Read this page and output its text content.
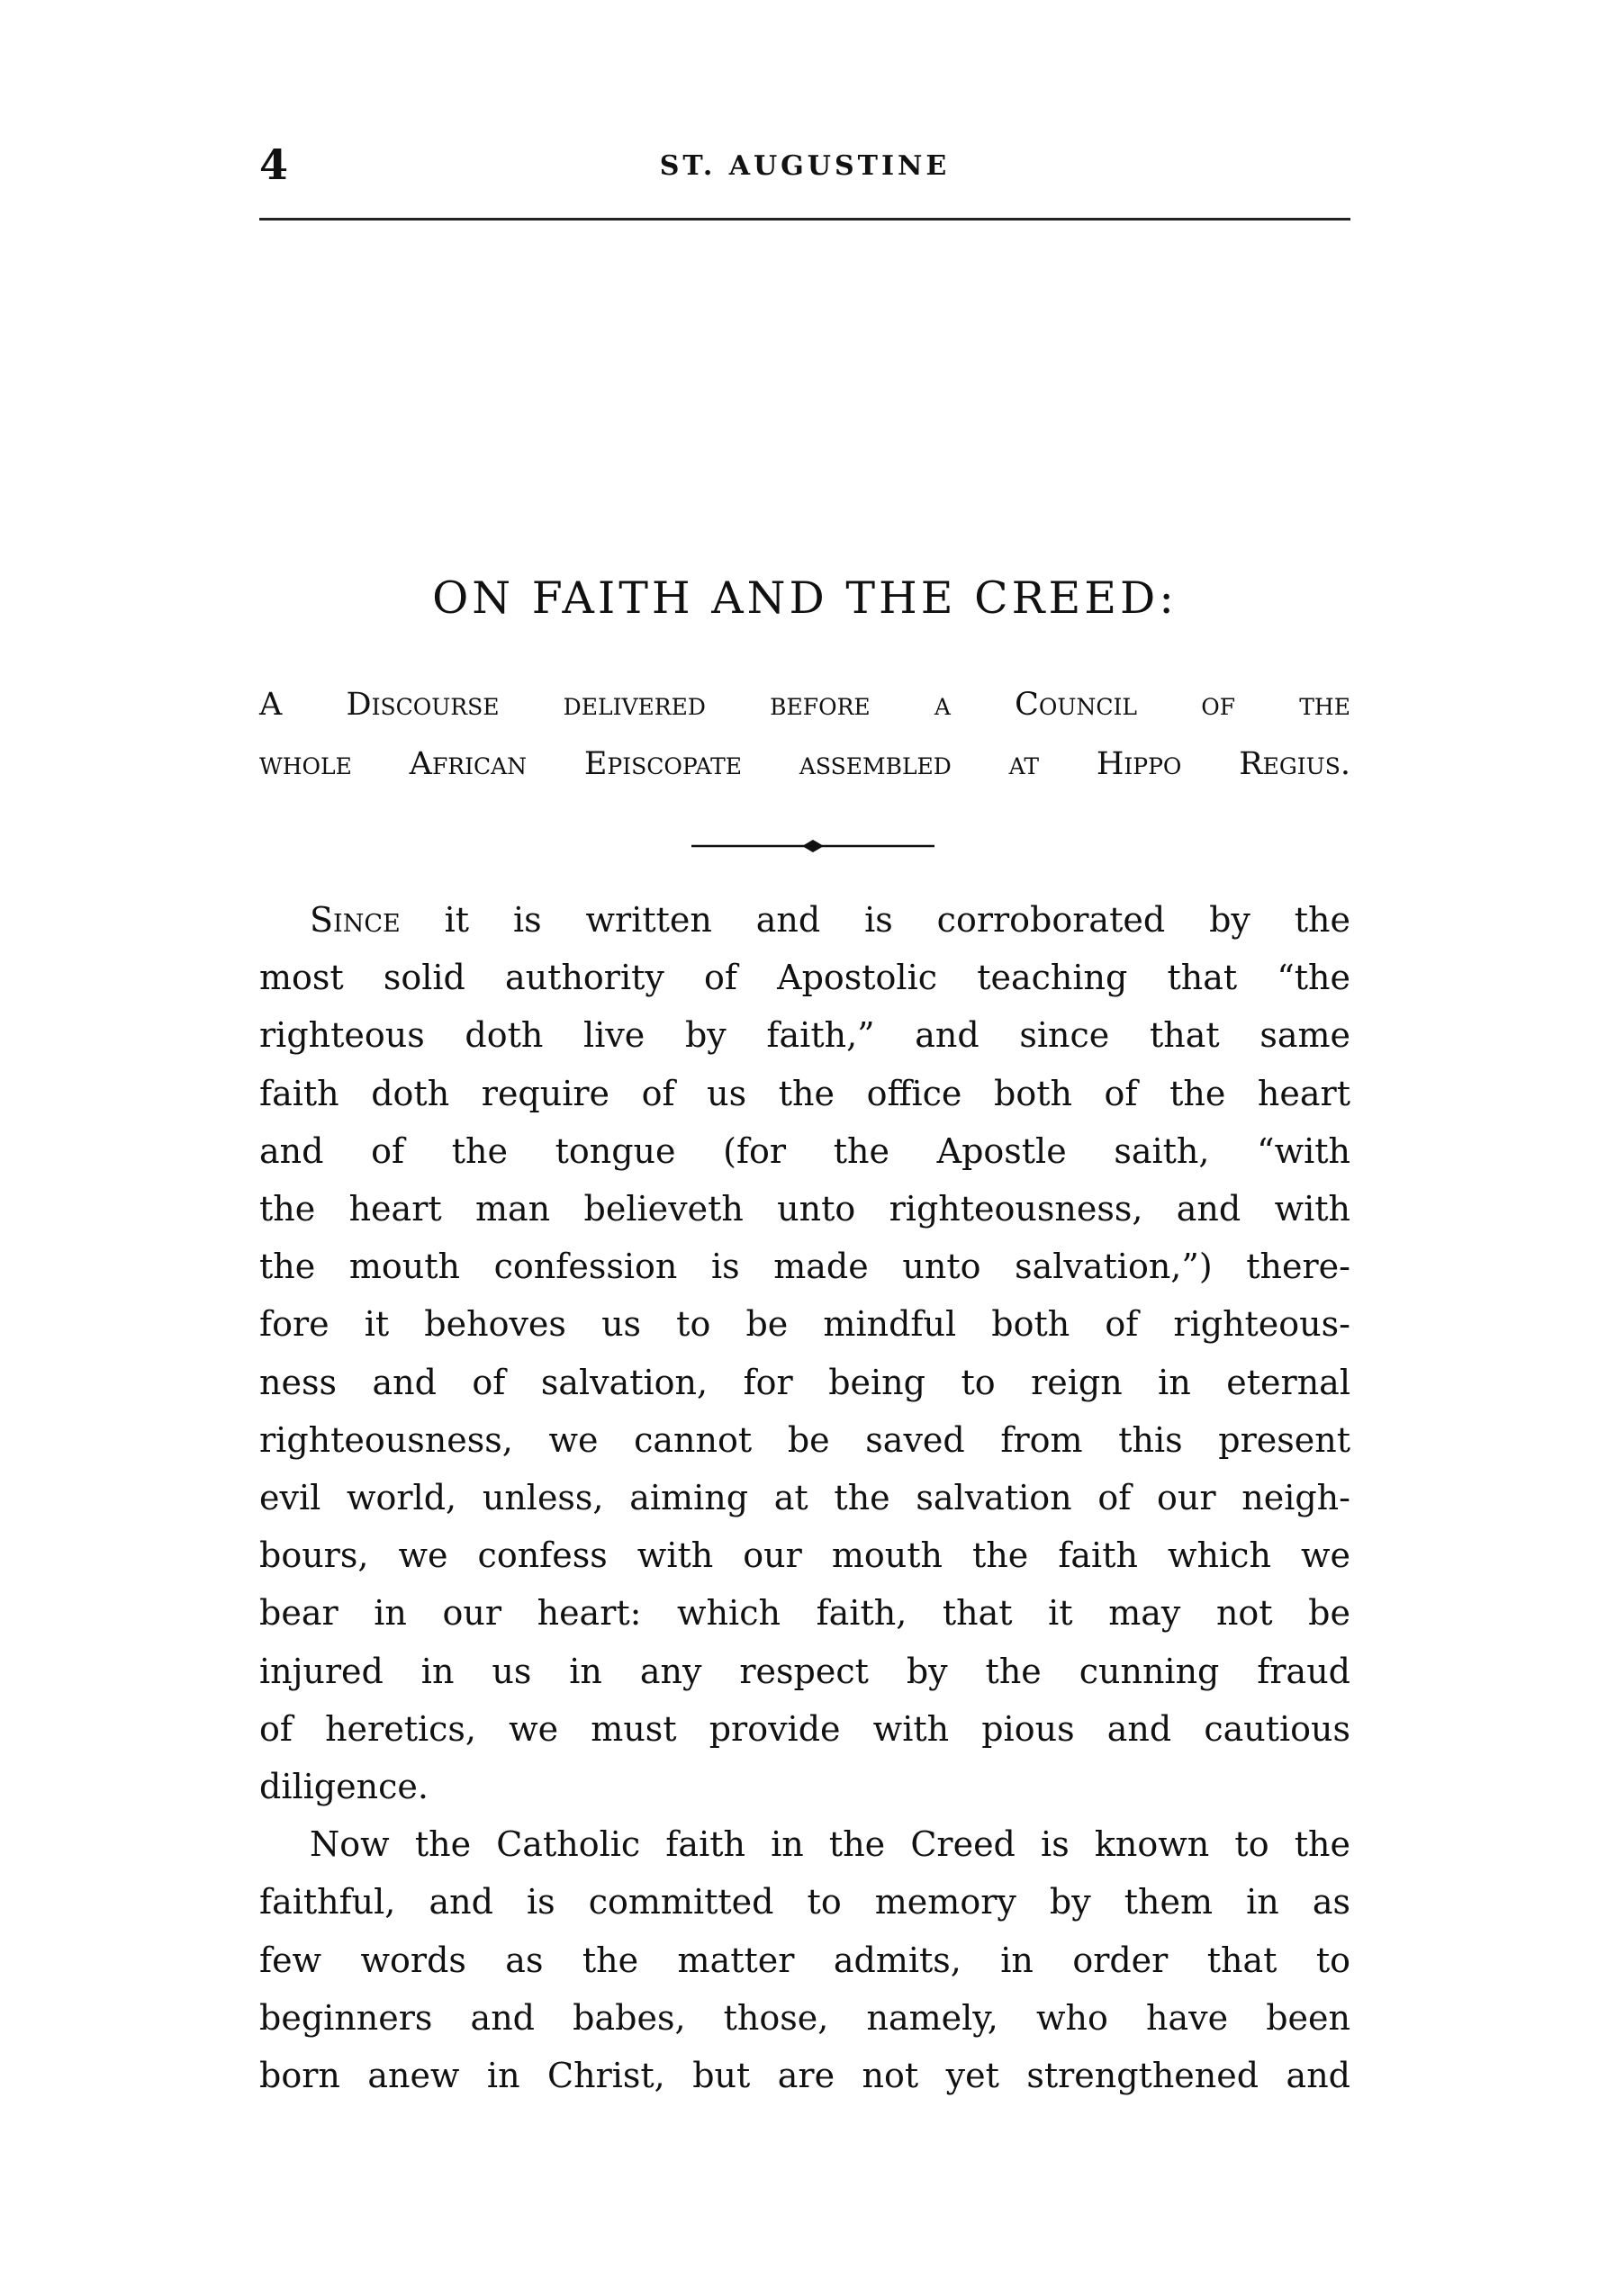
4	ST. AUGUSTINE
ON FAITH AND THE CREED:
A Discourse delivered before a Council of the
whole African Episcopate assembled at Hippo Regius.
Since it is written and is corroborated by the
most solid authority of Apostolic teaching that “the
righteous doth live by faith,” and since that same
faith doth require of us the office both of the heart
and of the tongue (for the Apostle saith, “with
the heart man believeth unto righteousness, and with
the mouth confession is made unto salvation,”) there-
fore it behoves us to be mindful both of righteous-
ness and of salvation, for being to reign in eternal
righteousness, we cannot be saved from this present
evil world, unless, aiming at the salvation of our neigh-
bours, we confess with our mouth the faith which we
bear in our heart: which faith, that it may not be
injured in us in any respect by the cunning fraud
of heretics, we must provide with pious and cautious
diligence.
Now the Catholic faith in the Creed is known to the
faithful, and is committed to memory by them in as
few words as the matter admits, in order that to
beginners and babes, those, namely, who have been
born anew in Christ, but are not yet strengthened and
